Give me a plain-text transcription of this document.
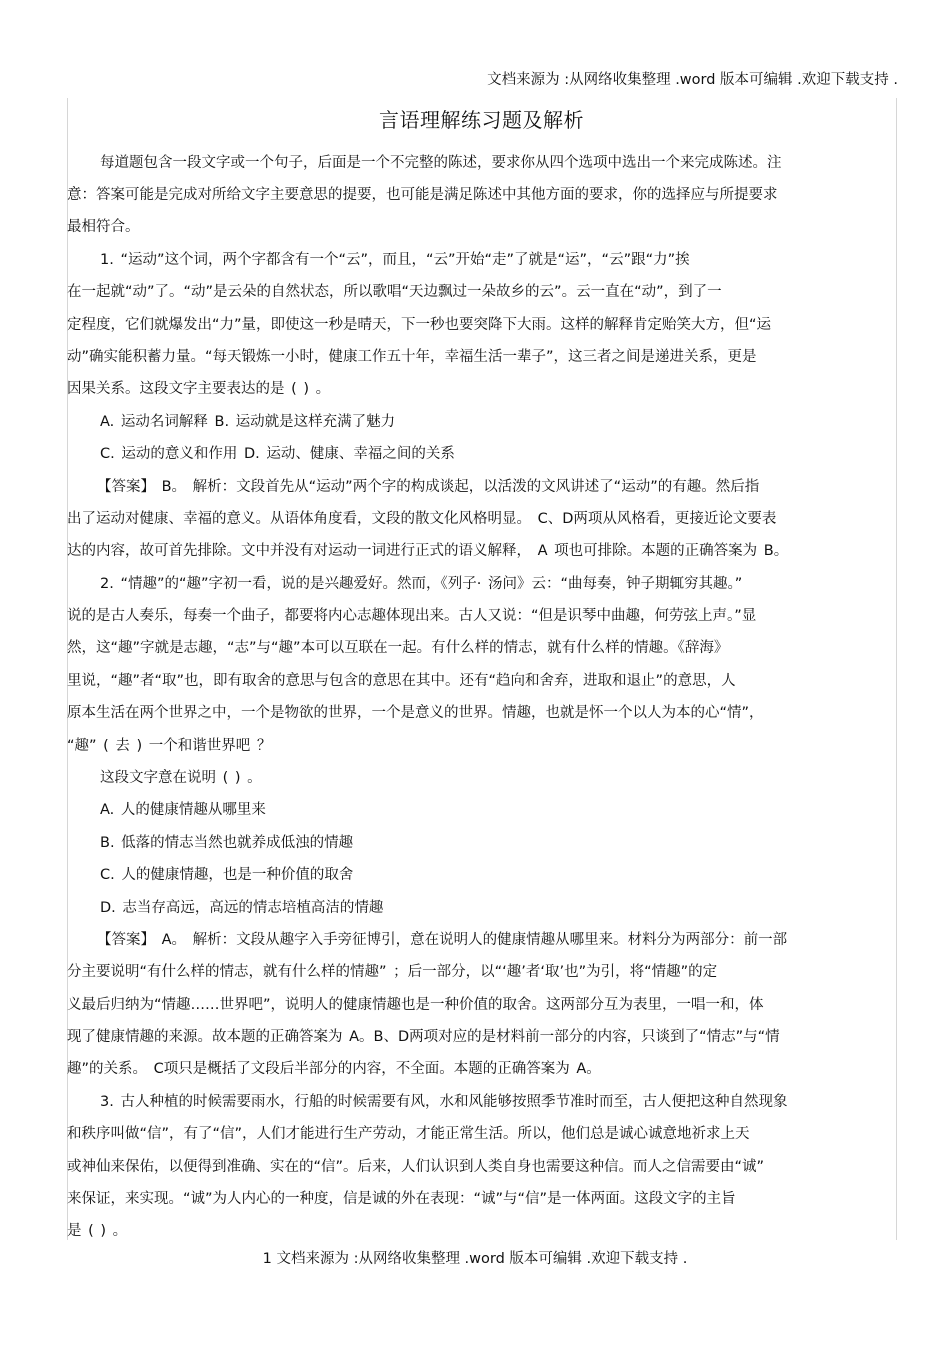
文档来源为 :从网络收集整理 .word 版本可编辑 .欢迎下载支持 .
言语理解练习题及解析
每道题包含一段文字或一个句子，后面是一个不完整的陈述，要求你从四个选项中选出一个来完成陈述。注
意：答案可能是完成对所给文字主要意思的提要，也可能是满足陈述中其他方面的要求，你的选择应与所提要求
最相符合。
1. “运动”这个词，两个字都含有一个“云”，而且，“云”开始“走”了就是“运”，“云”跟“力”挨
在一起就“动”了。“动”是云朵的自然状态，所以歌唱“天边飘过一朵故乡的云”。云一直在“动”，到了一
定程度，它们就爆发出“力”量，即使这一秒是晴天，下一秒也要突降下大雨。这样的解释肯定贻笑大方，但“运
动”确实能积蓄力量。“每天锻炼一小时，健康工作五十年，幸福生活一辈子”，这三者之间是递进关系，更是
因果关系。这段文字主要表达的是 ( ) 。
A. 运动名词解释 B. 运动就是这样充满了魅力
C. 运动的意义和作用 D. 运动、健康、幸福之间的关系
【答案】 B。 解析：文段首先从“运动”两个字的构成谈起，以活泼的文风讲述了“运动”的有趣。然后指
出了运动对健康、幸福的意义。从语体角度看，文段的散文化风格明显。 C、D两项从风格看，更接近论文要表
达的内容，故可首先排除。文中并没有对运动一词进行正式的语义解释， A 项也可排除。本题的正确答案为 B。
2. “情趣”的“趣”字初一看，说的是兴趣爱好。然而，《列子· 汤问》云：“曲每奏，钟子期辄穷其趣。”
说的是古人奏乐，每奏一个曲子，都要将内心志趣体现出来。古人又说：“但是识琴中曲趣，何劳弦上声。”显
然，这“趣”字就是志趣，“志”与“趣”本可以互联在一起。有什么样的情志，就有什么样的情趣。《辞海》
里说，“趣”者“取”也，即有取舍的意思与包含的意思在其中。还有“趋向和舍弃，进取和退止”的意思，人
原本生活在两个世界之中，一个是物欲的世界，一个是意义的世界。情趣，也就是怀一个以人为本的心“情”，
“趣” ( 去 ) 一个和谐世界吧 ？
这段文字意在说明 ( ) 。
A. 人的健康情趣从哪里来
B. 低落的情志当然也就养成低浊的情趣
C. 人的健康情趣，也是一种价值的取舍
D. 志当存高远，高远的情志培植高洁的情趣
【答案】 A。 解析：文段从趣字入手旁征博引，意在说明人的健康情趣从哪里来。材料分为两部分：前一部
分主要说明“有什么样的情志，就有什么样的情趣” ；后一部分，以“‘趣’者‘取’也”为引，将“情趣”的定
义最后归纳为“情趣……世界吧”，说明人的健康情趣也是一种价值的取舍。这两部分互为表里，一唱一和，体
现了健康情趣的来源。故本题的正确答案为 A。B、D两项对应的是材料前一部分的内容，只谈到了“情志”与“情
趣”的关系。 C项只是概括了文段后半部分的内容，不全面。本题的正确答案为 A。
3. 古人种植的时候需要雨水，行船的时候需要有风，水和风能够按照季节准时而至，古人便把这种自然现象
和秩序叫做“信”，有了“信”，人们才能进行生产劳动，才能正常生活。所以，他们总是诚心诚意地祈求上天
或神仙来保佑，以便得到准确、实在的“信”。后来，人们认识到人类自身也需要这种信。而人之信需要由“诚”
来保证，来实现。“诚”为人内心的一种度，信是诚的外在表现：“诚”与“信”是一体两面。这段文字的主旨
是 ( ) 。
1 文档来源为 :从网络收集整理 .word 版本可编辑 .欢迎下载支持 .
